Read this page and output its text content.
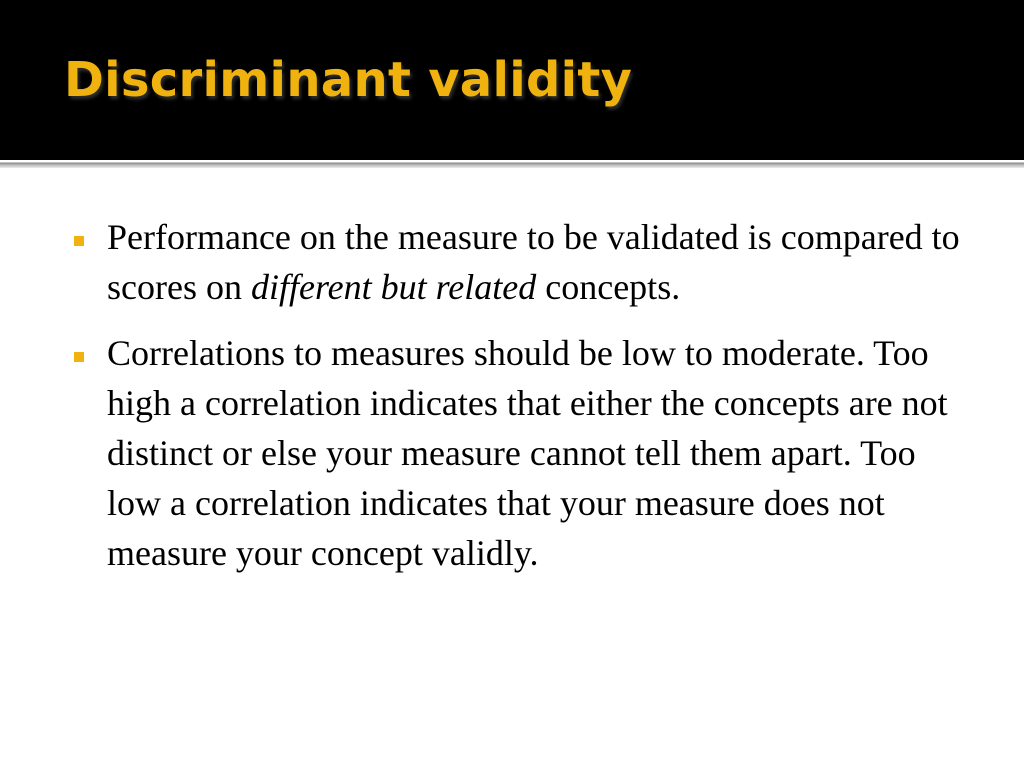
Discriminant validity
Performance on the measure to be validated is compared to scores on different but related concepts.
Correlations to measures should be low to moderate. Too high a correlation indicates that either the concepts are not distinct or else your measure cannot tell them apart. Too low a correlation indicates that your measure does not measure your concept validly.
